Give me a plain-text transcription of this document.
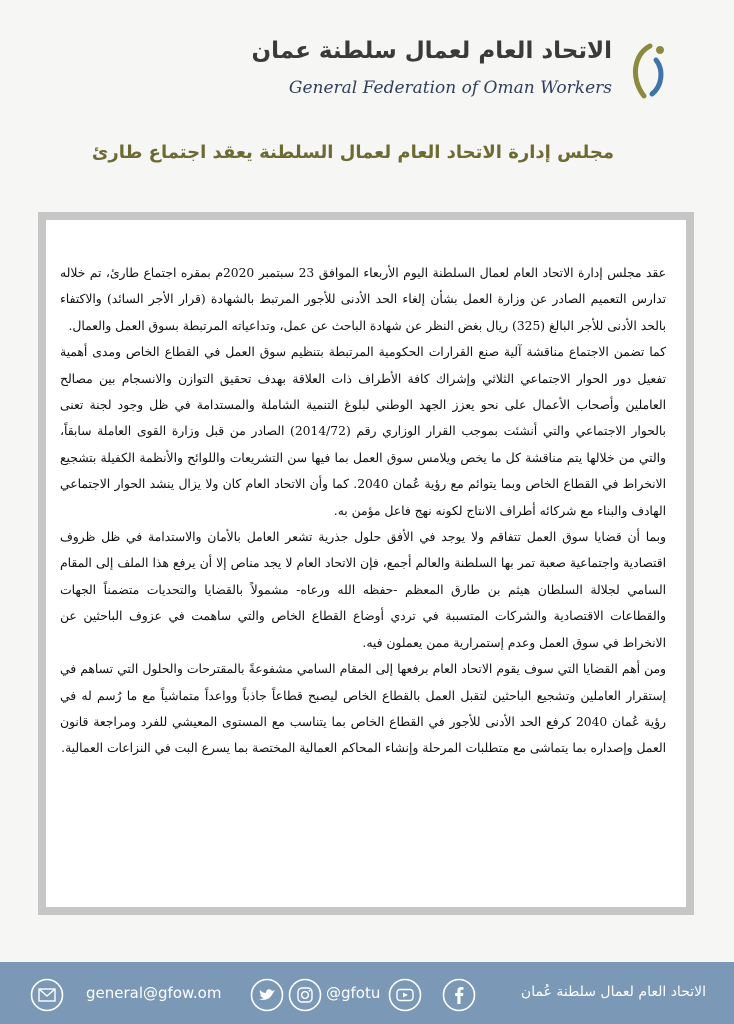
الاتحاد العام لعمال سلطنة عمان
General Federation of Oman Workers
مجلس إدارة الاتحاد العام لعمال السلطنة يعقد اجتماع طارئ

عقد مجلس إدارة الاتحاد العام لعمال السلطنة اليوم الأربعاء الموافق 23 سبتمبر 2020م بمقره اجتماع طارئ، تم خلاله تدارس التعميم الصادر عن وزارة العمل بشأن إلغاء الحد الأدنى للأجور المرتبط بالشهادة (قرار الأجر السائد) والاكتفاء بالحد الأدنى للأجر البالغ (325) ريال بغض النظر عن شهادة الباحث عن عمل، وتداعياته المرتبطة بسوق العمل والعمال.

كما تضمن الاجتماع مناقشة آلية صنع القرارات الحكومية المرتبطة بتنظيم سوق العمل في القطاع الخاص ومدى أهمية تفعيل دور الحوار الاجتماعي الثلاثي وإشراك كافة الأطراف ذات العلاقة بهدف تحقيق التوازن والانسجام بين مصالح العاملين وأصحاب الأعمال على نحو يعزز الجهد الوطني لبلوغ التنمية الشاملة والمستدامة في ظل وجود لجنة تعنى بالحوار الاجتماعي والتي أنشئت بموجب القرار الوزاري رقم (2014/72) الصادر من قبل وزارة القوى العاملة سابقاً، والتي من خلالها يتم مناقشة كل ما يخص ويلامس سوق العمل بما فيها سن التشريعات واللوائح والأنظمة الكفيلة بتشجيع الانخراط في القطاع الخاص وبما يتوائم مع رؤية عُمان 2040. كما وأن الاتحاد العام كان ولا يزال ينشد الحوار الاجتماعي الهادف والبناء مع شركائه أطراف الانتاج لكونه نهج فاعل مؤمن به.

وبما أن قضايا سوق العمل تتفاقم ولا يوجد في الأفق حلول جذرية تشعر العامل بالأمان والاستدامة في ظل ظروف اقتصادية واجتماعية صعبة تمر بها السلطنة والعالم أجمع، فإن الاتحاد العام لا يجد مناص إلا أن يرفع هذا الملف إلى المقام السامي لجلالة السلطان هيثم بن طارق المعظم -حفظه الله ورعاه- مشمولاً بالقضايا والتحديات متضمناً الجهات والقطاعات الاقتصادية والشركات المتسببة في تردي أوضاع القطاع الخاص والتي ساهمت في عزوف الباحثين عن الانخراط في سوق العمل وعدم إستمرارية ممن يعملون فيه.

ومن أهم القضايا التي سوف يقوم الاتحاد العام برفعها إلى المقام السامي مشفوعةً بالمقترحات والحلول التي تساهم في إستقرار العاملين وتشجيع الباحثين لتقبل العمل بالقطاع الخاص ليصبح قطاعاً جاذباً وواعداً متماشياً مع ما رُسم له في رؤية عُمان 2040 كرفع الحد الأدنى للأجور في القطاع الخاص بما يتناسب مع المستوى المعيشي للفرد ومراجعة قانون العمل وإصداره بما يتماشى مع متطلبات المرحلة وإنشاء المحاكم العمالية المختصة بما يسرع البت في النزاعات العمالية.

general@gfow.om	@gfotu	الاتحاد العام لعمال سلطنة عُمان
